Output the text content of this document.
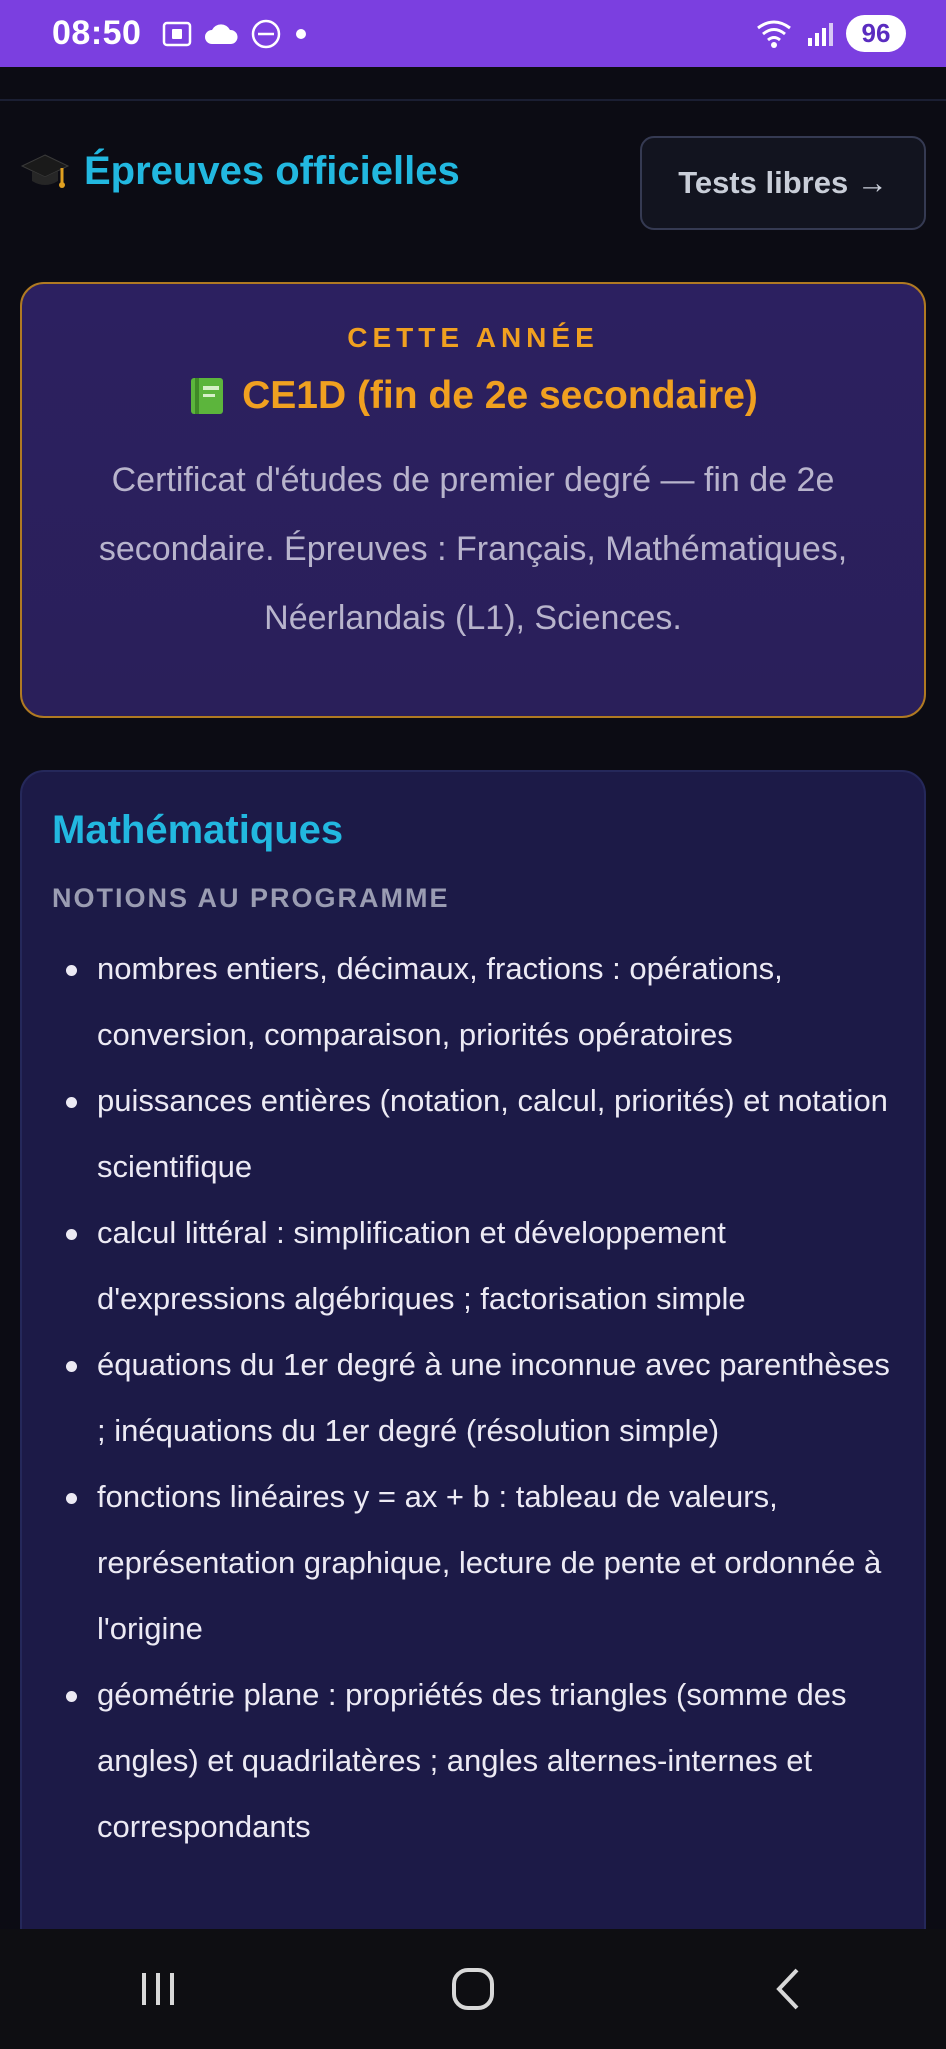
08:50	96
Épreuves officielles	Tests libres →
CETTE ANNÉE
CE1D (fin de 2e secondaire)
Certificat d'études de premier degré — fin de 2e secondaire. Épreuves : Français, Mathématiques, Néerlandais (L1), Sciences.
Mathématiques
NOTIONS AU PROGRAMME
nombres entiers, décimaux, fractions : opérations, conversion, comparaison, priorités opératoires
puissances entières (notation, calcul, priorités) et notation scientifique
calcul littéral : simplification et développement d'expressions algébriques ; factorisation simple
équations du 1er degré à une inconnue avec parenthèses ; inéquations du 1er degré (résolution simple)
fonctions linéaires y = ax + b : tableau de valeurs, représentation graphique, lecture de pente et ordonnée à l'origine
géométrie plane : propriétés des triangles (somme des angles) et quadrilatères ; angles alternes-internes et correspondants
